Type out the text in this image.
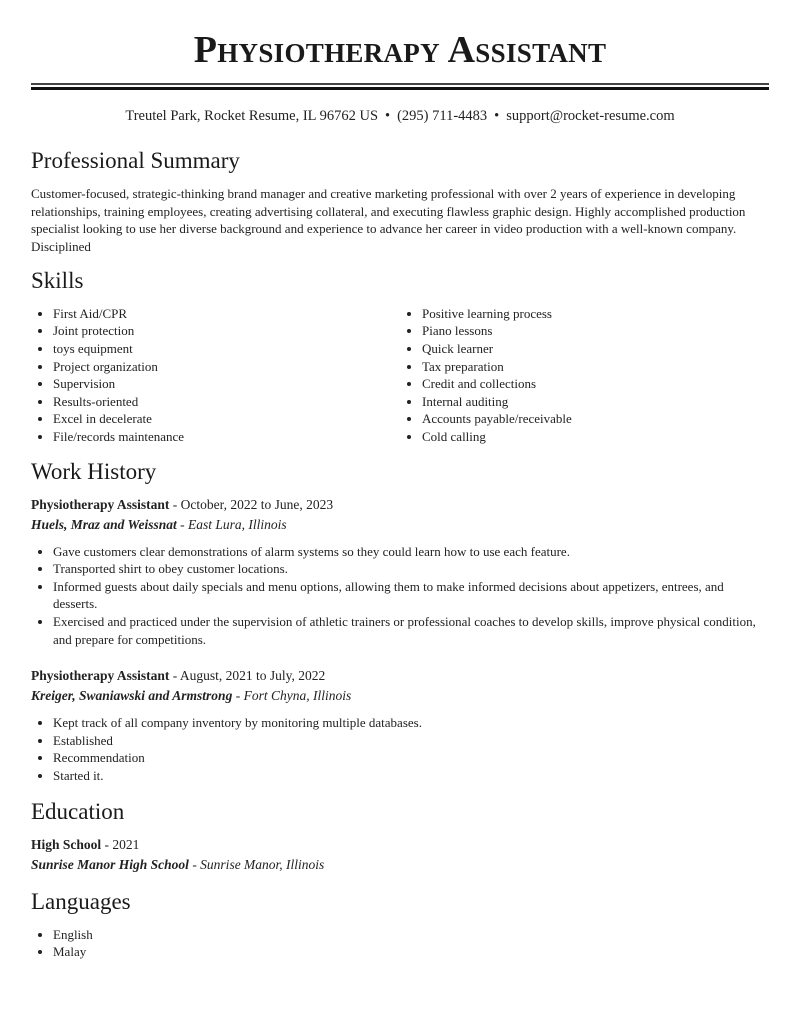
Physiotherapy Assistant
Treutel Park, Rocket Resume, IL 96762 US • (295) 711-4483 • support@rocket-resume.com
Professional Summary

Customer-focused, strategic-thinking brand manager and creative marketing professional with over 2 years of experience in developing relationships, training employees, creating advertising collateral, and executing flawless graphic design. Highly accomplished production specialist looking to use her diverse background and experience to advance her career in video production with a well-known company. Disciplined

Skills
• First Aid/CPR
• Joint protection
• toys equipment
• Project organization
• Supervision
• Results-oriented
• Excel in decelerate
• File/records maintenance
• Positive learning process
• Piano lessons
• Quick learner
• Tax preparation
• Credit and collections
• Internal auditing
• Accounts payable/receivable
• Cold calling
Work History
Physiotherapy Assistant - October, 2022 to June, 2023
Huels, Mraz and Weissnat - East Lura, Illinois
• Gave customers clear demonstrations of alarm systems so they could learn how to use each feature.
• Transported shirt to obey customer locations.
• Informed guests about daily specials and menu options, allowing them to make informed decisions about appetizers, entrees, and desserts.
• Exercised and practiced under the supervision of athletic trainers or professional coaches to develop skills, improve physical condition, and prepare for competitions.
Physiotherapy Assistant - August, 2021 to July, 2022
Kreiger, Swaniawski and Armstrong - Fort Chyna, Illinois
• Kept track of all company inventory by monitoring multiple databases.
• Established
• Recommendation
• Started it.
Education
High School - 2021
Sunrise Manor High School - Sunrise Manor, Illinois
Languages
• English
• Malay
